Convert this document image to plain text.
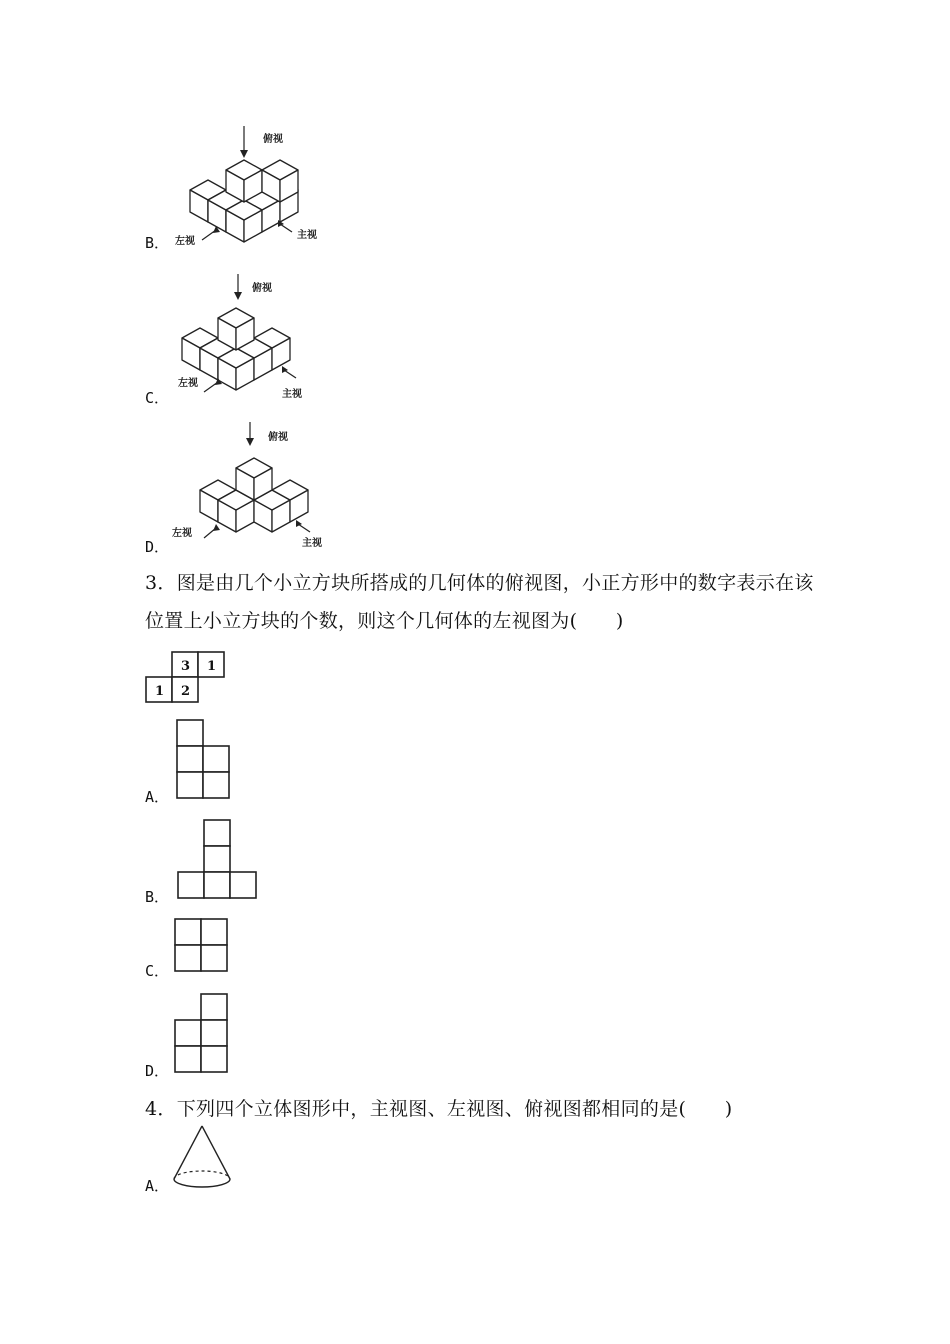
B．
俯视
左视
主视
C．
俯视
左视
主视
D．
俯视
左视
主视
3．图是由几个小立方块所搭成的几何体的俯视图，小正方形中的数字表示在该
位置上小立方块的个数，则这个几何体的左视图为(　　)
3 1
1 2
A．
B．
C．
D．
4．下列四个立体图形中，主视图、左视图、俯视图都相同的是(　　)
A．
